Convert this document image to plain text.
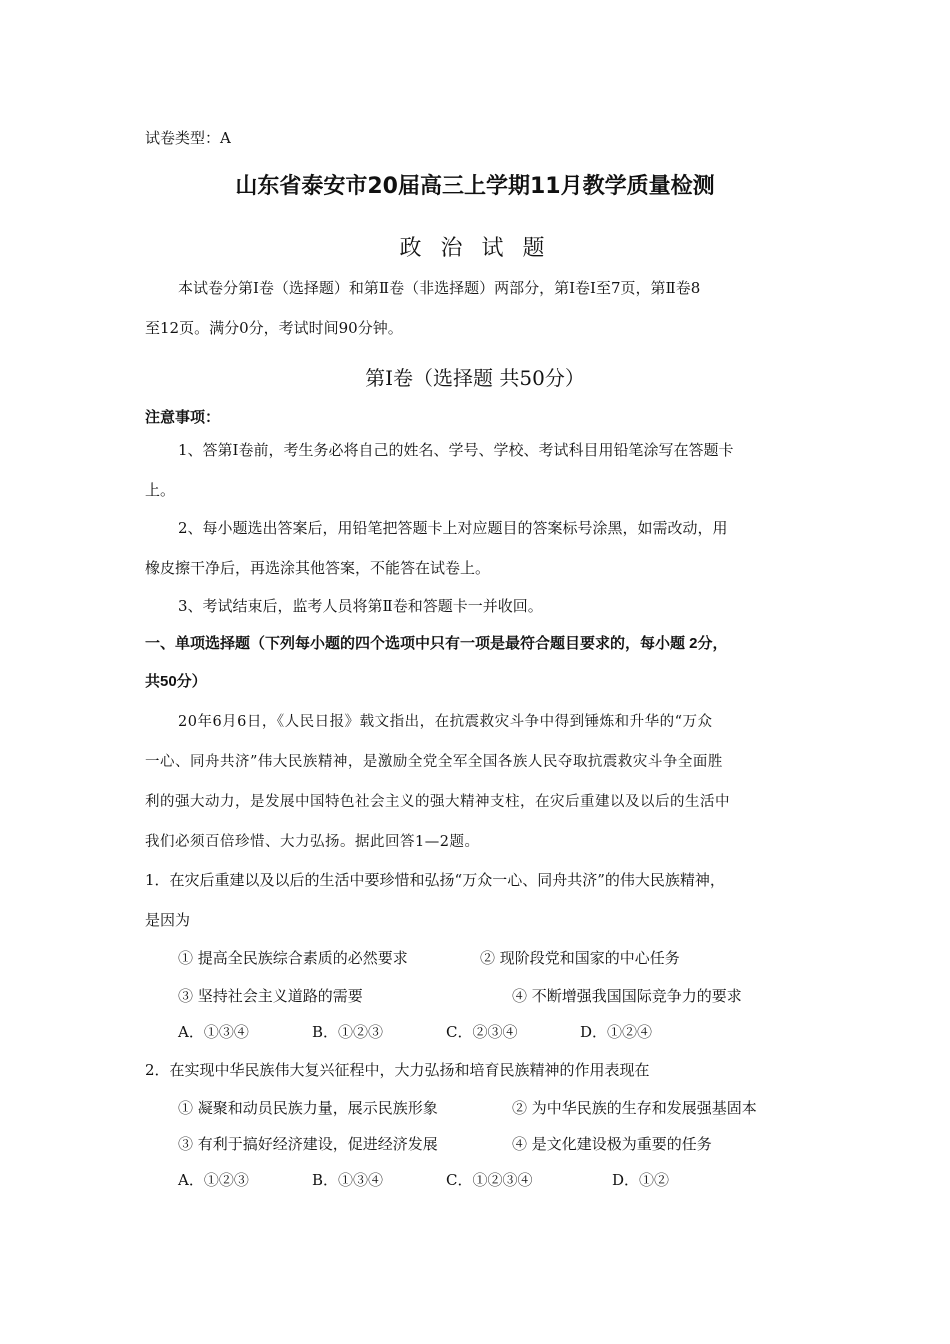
试卷类型：A
山东省泰安市20届高三上学期11月教学质量检测
政 治 试 题
本试卷分第Ⅰ卷（选择题）和第Ⅱ卷（非选择题）两部分，第Ⅰ卷Ⅰ至7页，第Ⅱ卷8
至12页。满分0分，考试时间90分钟。
第Ⅰ卷（选择题 共50分）
注意事项：
1、答第Ⅰ卷前，考生务必将自己的姓名、学号、学校、考试科目用铅笔涂写在答题卡
上。
2、每小题选出答案后，用铅笔把答题卡上对应题目的答案标号涂黑，如需改动，用
橡皮擦干净后，再选涂其他答案，不能答在试卷上。
3、考试结束后，监考人员将第Ⅱ卷和答题卡一并收回。
一、单项选择题（下列每小题的四个选项中只有一项是最符合题目要求的，每小题 2分，
共50分）
20年6月6日，《人民日报》载文指出，在抗震救灾斗争中得到锤炼和升华的“万众
一心、同舟共济”伟大民族精神，是激励全党全军全国各族人民夺取抗震救灾斗争全面胜
利的强大动力，是发展中国特色社会主义的强大精神支柱，在灾后重建以及以后的生活中
我们必须百倍珍惜、大力弘扬。据此回答1—2题。
1．在灾后重建以及以后的生活中要珍惜和弘扬“万众一心、同舟共济”的伟大民族精神，
是因为
① 提高全民族综合素质的必然要求	② 现阶段党和国家的中心任务
③ 坚持社会主义道路的需要	④ 不断增强我国国际竞争力的要求
A．①③④	B．①②③	C．②③④	D．①②④
2．在实现中华民族伟大复兴征程中，大力弘扬和培育民族精神的作用表现在
① 凝聚和动员民族力量，展示民族形象	② 为中华民族的生存和发展强基固本
③ 有利于搞好经济建设，促进经济发展	④ 是文化建设极为重要的任务
A．①②③	B．①③④	C．①②③④	D．①②
